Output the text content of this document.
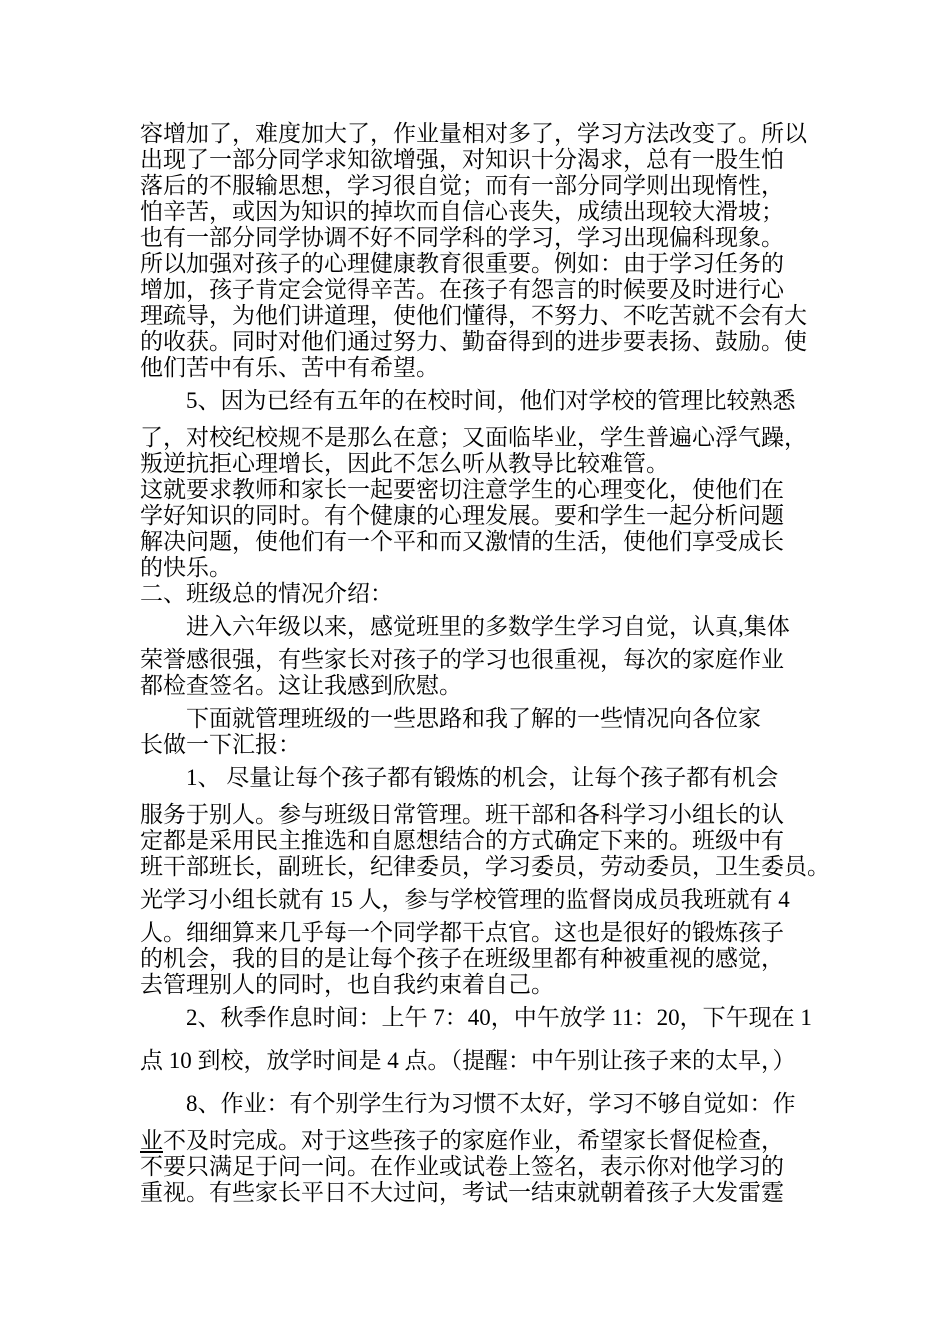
容增加了，难度加大了，作业量相对多了，学习方法改变了。所以
出现了一部分同学求知欲增强，对知识十分渴求，总有一股生怕
落后的不服输思想，学习很自觉；而有一部分同学则出现惰性，
怕辛苦，或因为知识的掉坎而自信心丧失，成绩出现较大滑坡；
也有一部分同学协调不好不同学科的学习，学习出现偏科现象。
所以加强对孩子的心理健康教育很重要。例如：由于学习任务的
增加，孩子肯定会觉得辛苦。在孩子有怨言的时候要及时进行心
理疏导，为他们讲道理，使他们懂得，不努力、不吃苦就不会有大
的收获。同时对他们通过努力、勤奋得到的进步要表扬、鼓励。使
他们苦中有乐、苦中有希望。
　　5、因为已经有五年的在校时间，他们对学校的管理比较熟悉
了，对校纪校规不是那么在意；又面临毕业，学生普遍心浮气躁，
叛逆抗拒心理增长，因此不怎么听从教导比较难管。
这就要求教师和家长一起要密切注意学生的心理变化，使他们在
学好知识的同时。有个健康的心理发展。要和学生一起分析问题
解决问题，使他们有一个平和而又激情的生活，使他们享受成长
的快乐。
二、班级总的情况介绍：
　　进入六年级以来，感觉班里的多数学生学习自觉，认真,集体
荣誉感很强，有些家长对孩子的学习也很重视，每次的家庭作业
都检查签名。这让我感到欣慰。
　　下面就管理班级的一些思路和我了解的一些情况向各位家
长做一下汇报：
　　1、 尽量让每个孩子都有锻炼的机会，让每个孩子都有机会
服务于别人。参与班级日常管理。班干部和各科学习小组长的认
定都是采用民主推选和自愿想结合的方式确定下来的。班级中有
班干部班长，副班长，纪律委员，学习委员，劳动委员，卫生委员。
光学习小组长就有 15 人，参与学校管理的监督岗成员我班就有 4
人。细细算来几乎每一个同学都干点官。这也是很好的锻炼孩子
的机会，我的目的是让每个孩子在班级里都有种被重视的感觉，
去管理别人的同时，也自我约束着自己。
　　2、秋季作息时间：上午 7：40，中午放学 11：20，下午现在 1
点 10 到校，放学时间是 4 点。（提醒：中午别让孩子来的太早，）
　　8、作业：有个别学生行为习惯不太好，学习不够自觉如：作
业不及时完成。对于这些孩子的家庭作业，希望家长督促检查，
不要只满足于问一问。在作业或试卷上签名，表示你对他学习的
重视。有些家长平日不大过问，考试一结束就朝着孩子大发雷霆
